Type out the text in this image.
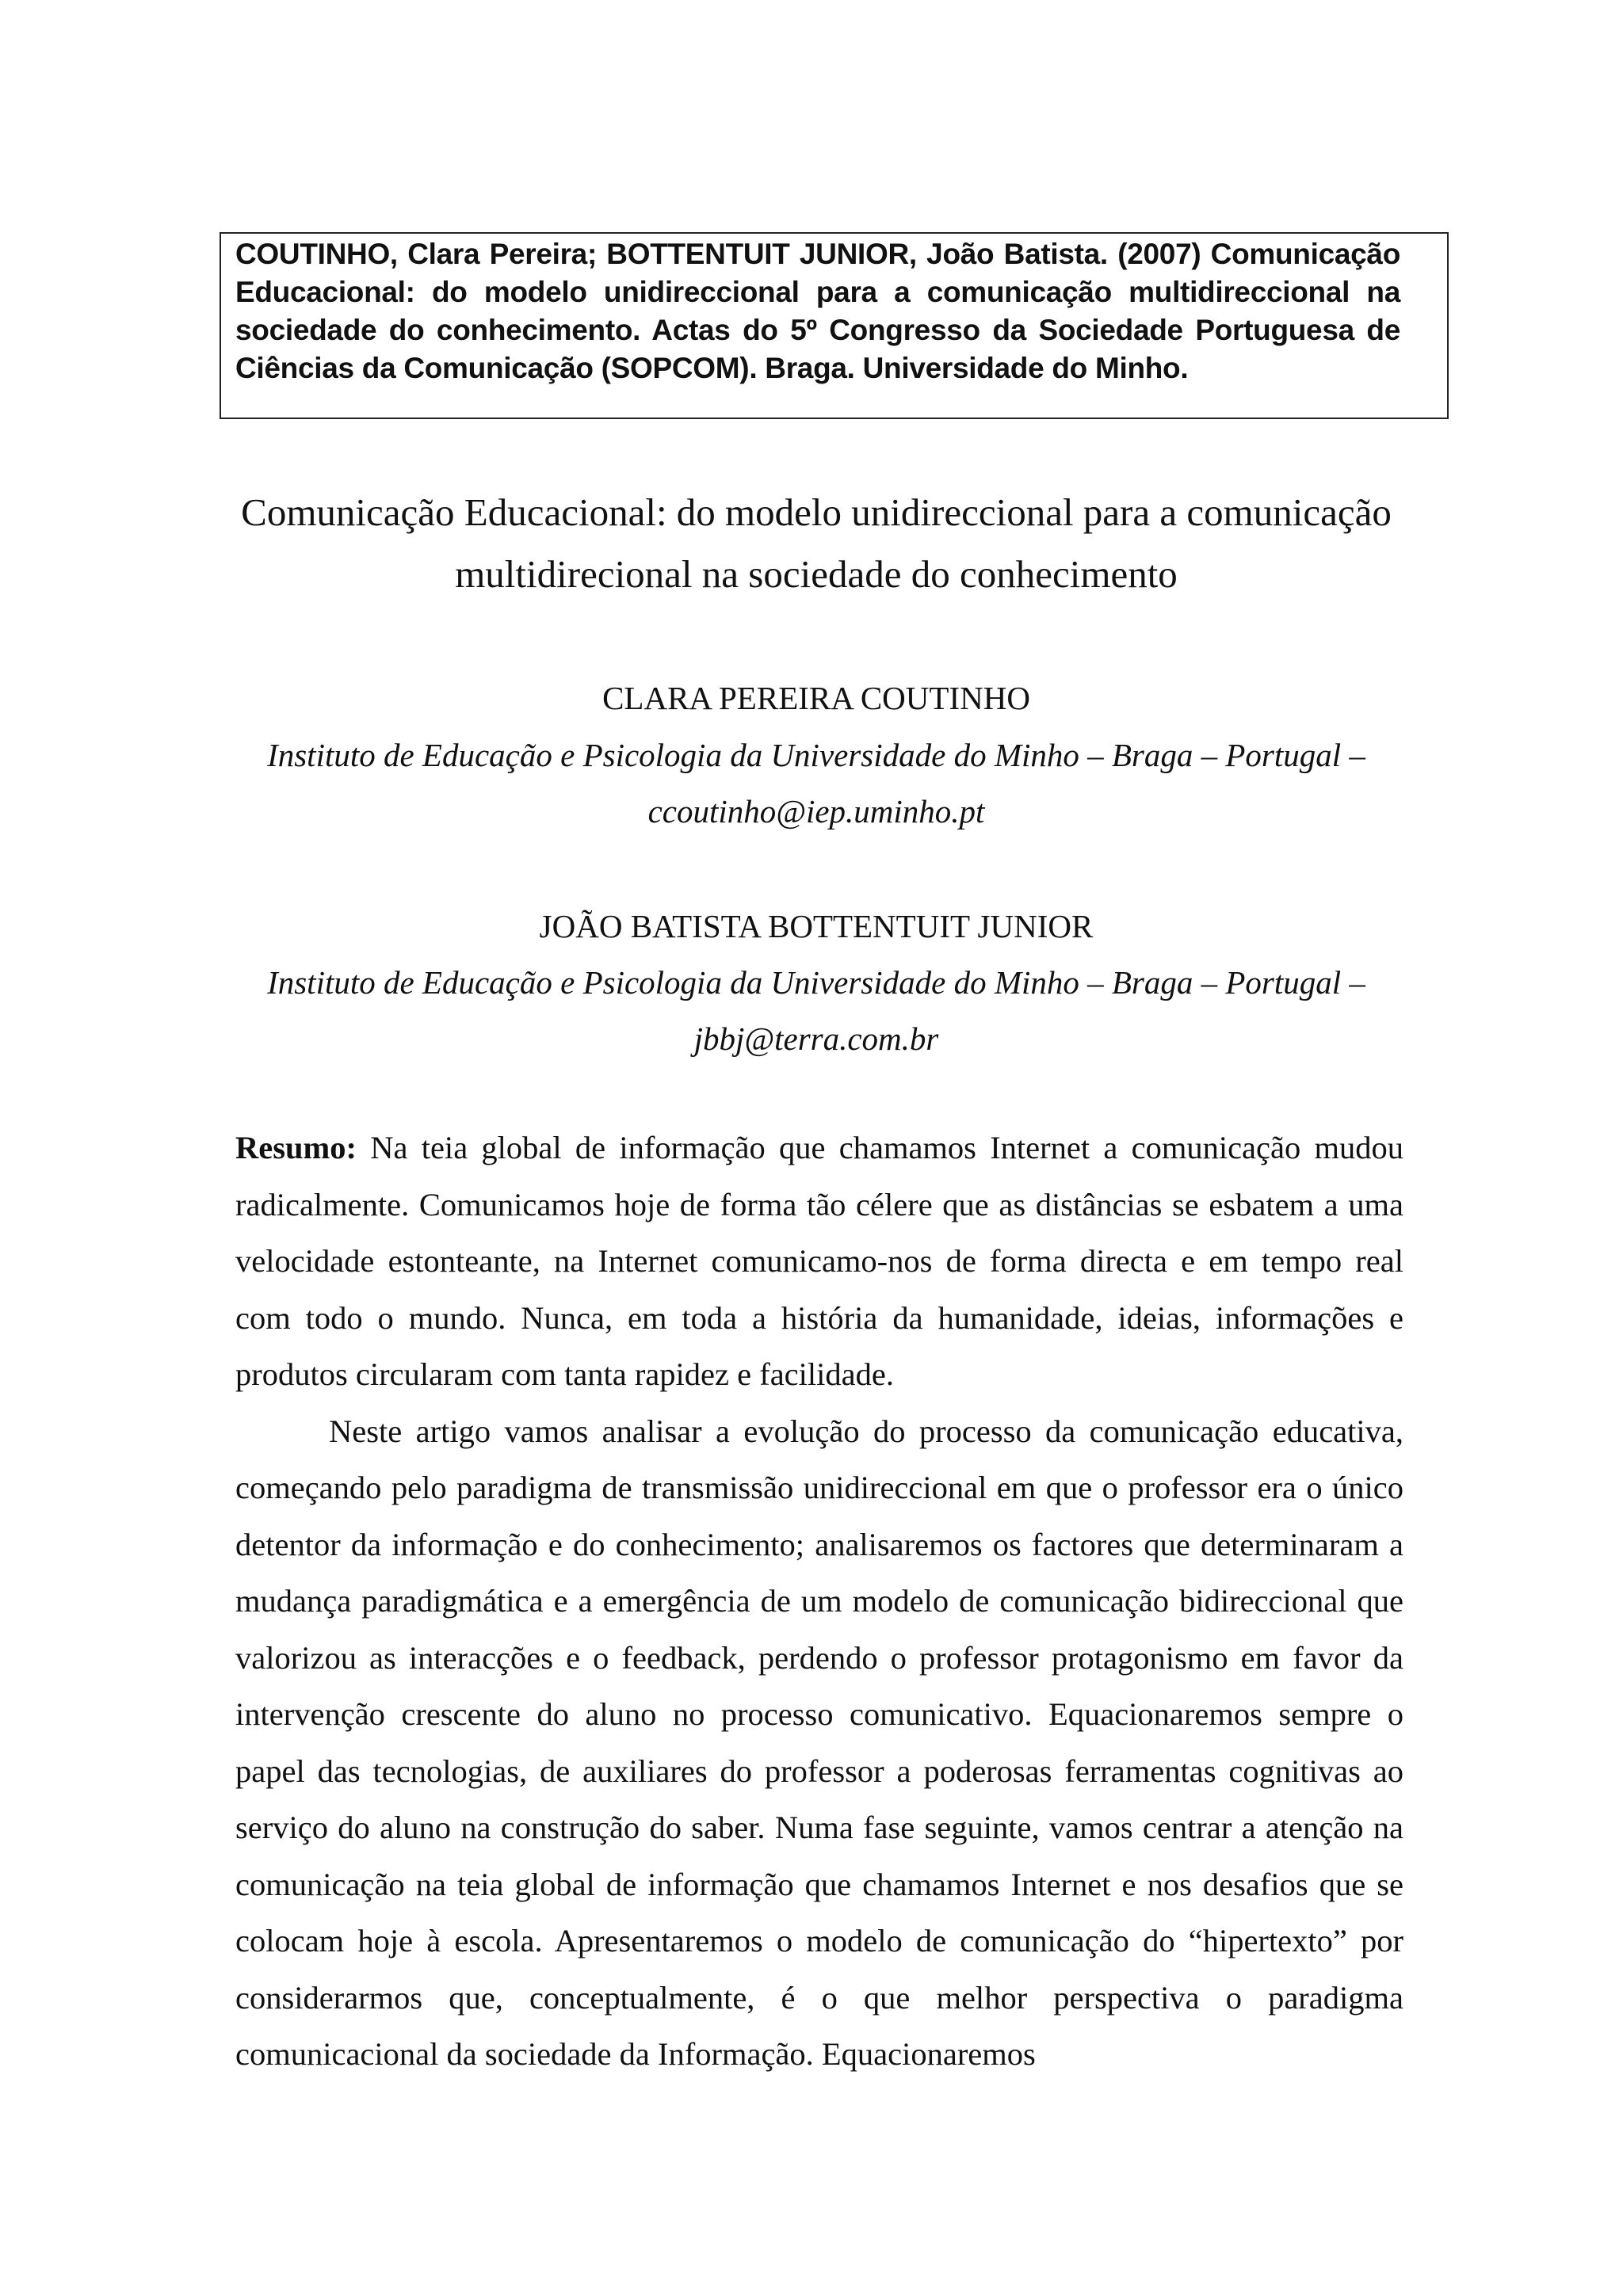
COUTINHO, Clara Pereira; BOTTENTUIT JUNIOR, João Batista. (2007) Comunicação Educacional: do modelo unidireccional para a comunicação multidireccional na sociedade do conhecimento. Actas do 5º Congresso da Sociedade Portuguesa de Ciências da Comunicação (SOPCOM). Braga. Universidade do Minho.

Comunicação Educacional: do modelo unidireccional para a comunicação multidirecional na sociedade do conhecimento

CLARA PEREIRA COUTINHO

Instituto de Educação e Psicologia da Universidade do Minho – Braga – Portugal –
ccoutinho@iep.uminho.pt

JOÃO BATISTA BOTTENTUIT JUNIOR

Instituto de Educação e Psicologia da Universidade do Minho – Braga – Portugal –
jbbj@terra.com.br

Resumo: Na teia global de informação que chamamos Internet a comunicação mudou radicalmente. Comunicamos hoje de forma tão célere que as distâncias se esbatem a uma velocidade estonteante, na Internet comunicamo-nos de forma directa e em tempo real com todo o mundo. Nunca, em toda a história da humanidade, ideias, informações e produtos circularam com tanta rapidez e facilidade.

Neste artigo vamos analisar a evolução do processo da comunicação educativa, começando pelo paradigma de transmissão unidireccional em que o professor era o único detentor da informação e do conhecimento; analisaremos os factores que determinaram a mudança paradigmática e a emergência de um modelo de comunicação bidireccional que valorizou as interacções e o feedback, perdendo o professor protagonismo em favor da intervenção crescente do aluno no processo comunicativo. Equacionaremos sempre o papel das tecnologias, de auxiliares do professor a poderosas ferramentas cognitivas ao serviço do aluno na construção do saber. Numa fase seguinte, vamos centrar a atenção na comunicação na teia global de informação que chamamos Internet e nos desafios que se colocam hoje à escola. Apresentaremos o modelo de comunicação do “hipertexto” por considerarmos que, conceptualmente, é o que melhor perspectiva o paradigma comunicacional da sociedade da Informação. Equacionaremos
